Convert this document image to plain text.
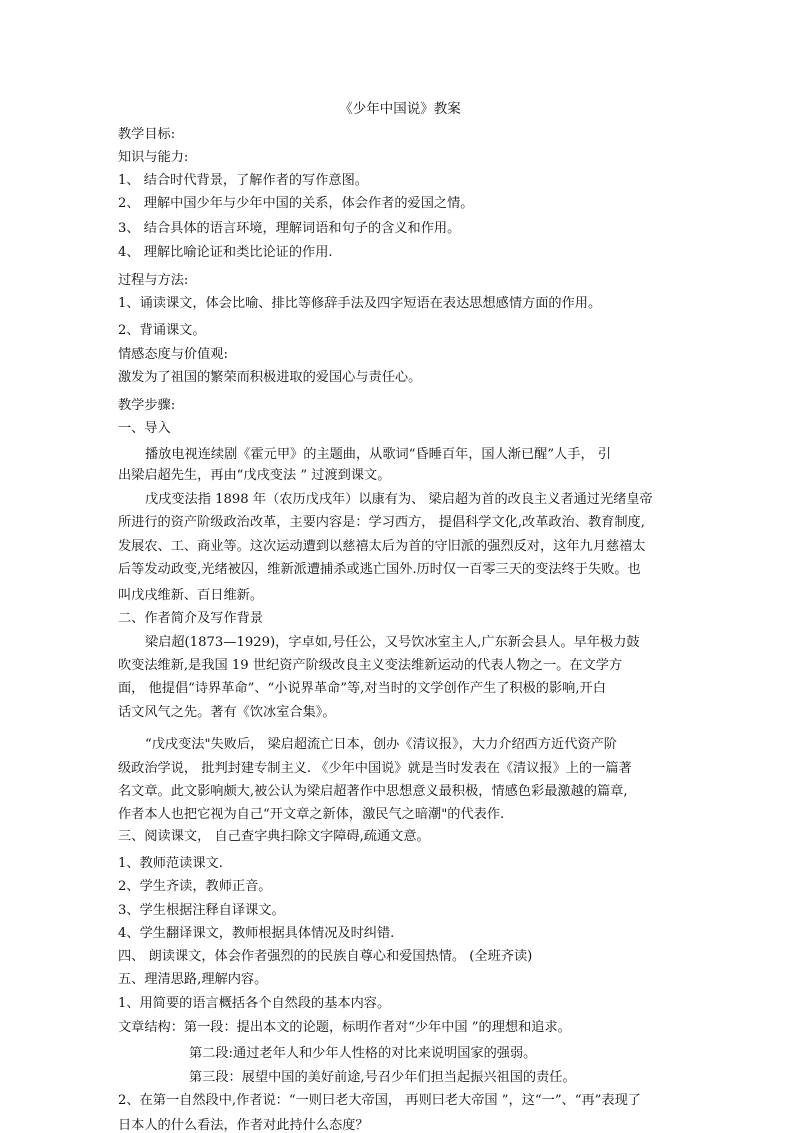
《少年中国说》教案
教学目标:
知识与能力:
1、 结合时代背景，了解作者的写作意图。
2、 理解中国少年与少年中国的关系，体会作者的爱国之情。
3、 结合具体的语言环境，理解词语和句子的含义和作用。
4、 理解比喻论证和类比论证的作用.
过程与方法:
1、诵读课文，体会比喻、排比等修辞手法及四字短语在表达思想感情方面的作用。
2、背诵课文。
情感态度与价值观:
激发为了祖国的繁荣而积极进取的爱国心与责任心。
教学步骤:
一、导入
播放电视连续剧《霍元甲》的主题曲，从歌词“昏睡百年，国人渐已醒”人手， 引
出梁启超先生，再由“戊戌变法 ” 过渡到课文。
戊戌变法指 1898 年（农历戊戌年）以康有为、 梁启超为首的改良主义者通过光绪皇帝
所进行的资产阶级政治改革，主要内容是：学习西方， 提倡科学文化,改革政治、教育制度,
发展农、工、商业等。这次运动遭到以慈禧太后为首的守旧派的强烈反对，这年九月慈禧太
后等发动政变,光绪被囚，维新派遭捕杀或逃亡国外.历时仅一百零三天的变法终于失败。也
叫戊戌维新、百日维新。
二、作者简介及写作背景
梁启超(1873—1929)，字卓如,号任公，又号饮冰室主人,广东新会县人。早年极力鼓
吹变法维新,是我国 19 世纪资产阶级改良主义变法维新运动的代表人物之一。在文学方
面， 他提倡“诗界革命”、“小说界革命”等,对当时的文学创作产生了积极的影响,开白
话文风气之先。著有《饮冰室合集》。
“戊戌变法"失败后， 梁启超流亡日本，创办《清议报》，大力介绍西方近代资产阶
级政治学说， 批判封建专制主义. 《少年中国说》就是当时发表在《清议报》上的一篇著
名文章。此文影响颇大,被公认为梁启超著作中思想意义最积极，情感色彩最激越的篇章,
作者本人也把它视为自己“开文章之新体，激民气之暗潮"的代表作.
三、阅读课文， 自己查字典扫除文字障碍,疏通文意。
1、教师范读课文.
2、学生齐读，教师正音。
3、学生根据注释自译课文。
4、学生翻译课文，教师根据具体情况及时纠错.
四、 朗读课文，体会作者强烈的的民族自尊心和爱国热情。 (全班齐读)
五、理清思路,理解内容。
1、用简要的语言概括各个自然段的基本内容。
文章结构：第一段：提出本文的论题，标明作者对“少年中国 ”的理想和追求。
第二段:通过老年人和少年人性格的对比来说明国家的强弱。
第三段：展望中国的美好前途,号召少年们担当起振兴祖国的责任。
2、在第一自然段中,作者说：“一则曰老大帝国， 再则曰老大帝国 ”，这“一”、“再”表现了
日本人的什么看法，作者对此持什么态度？
